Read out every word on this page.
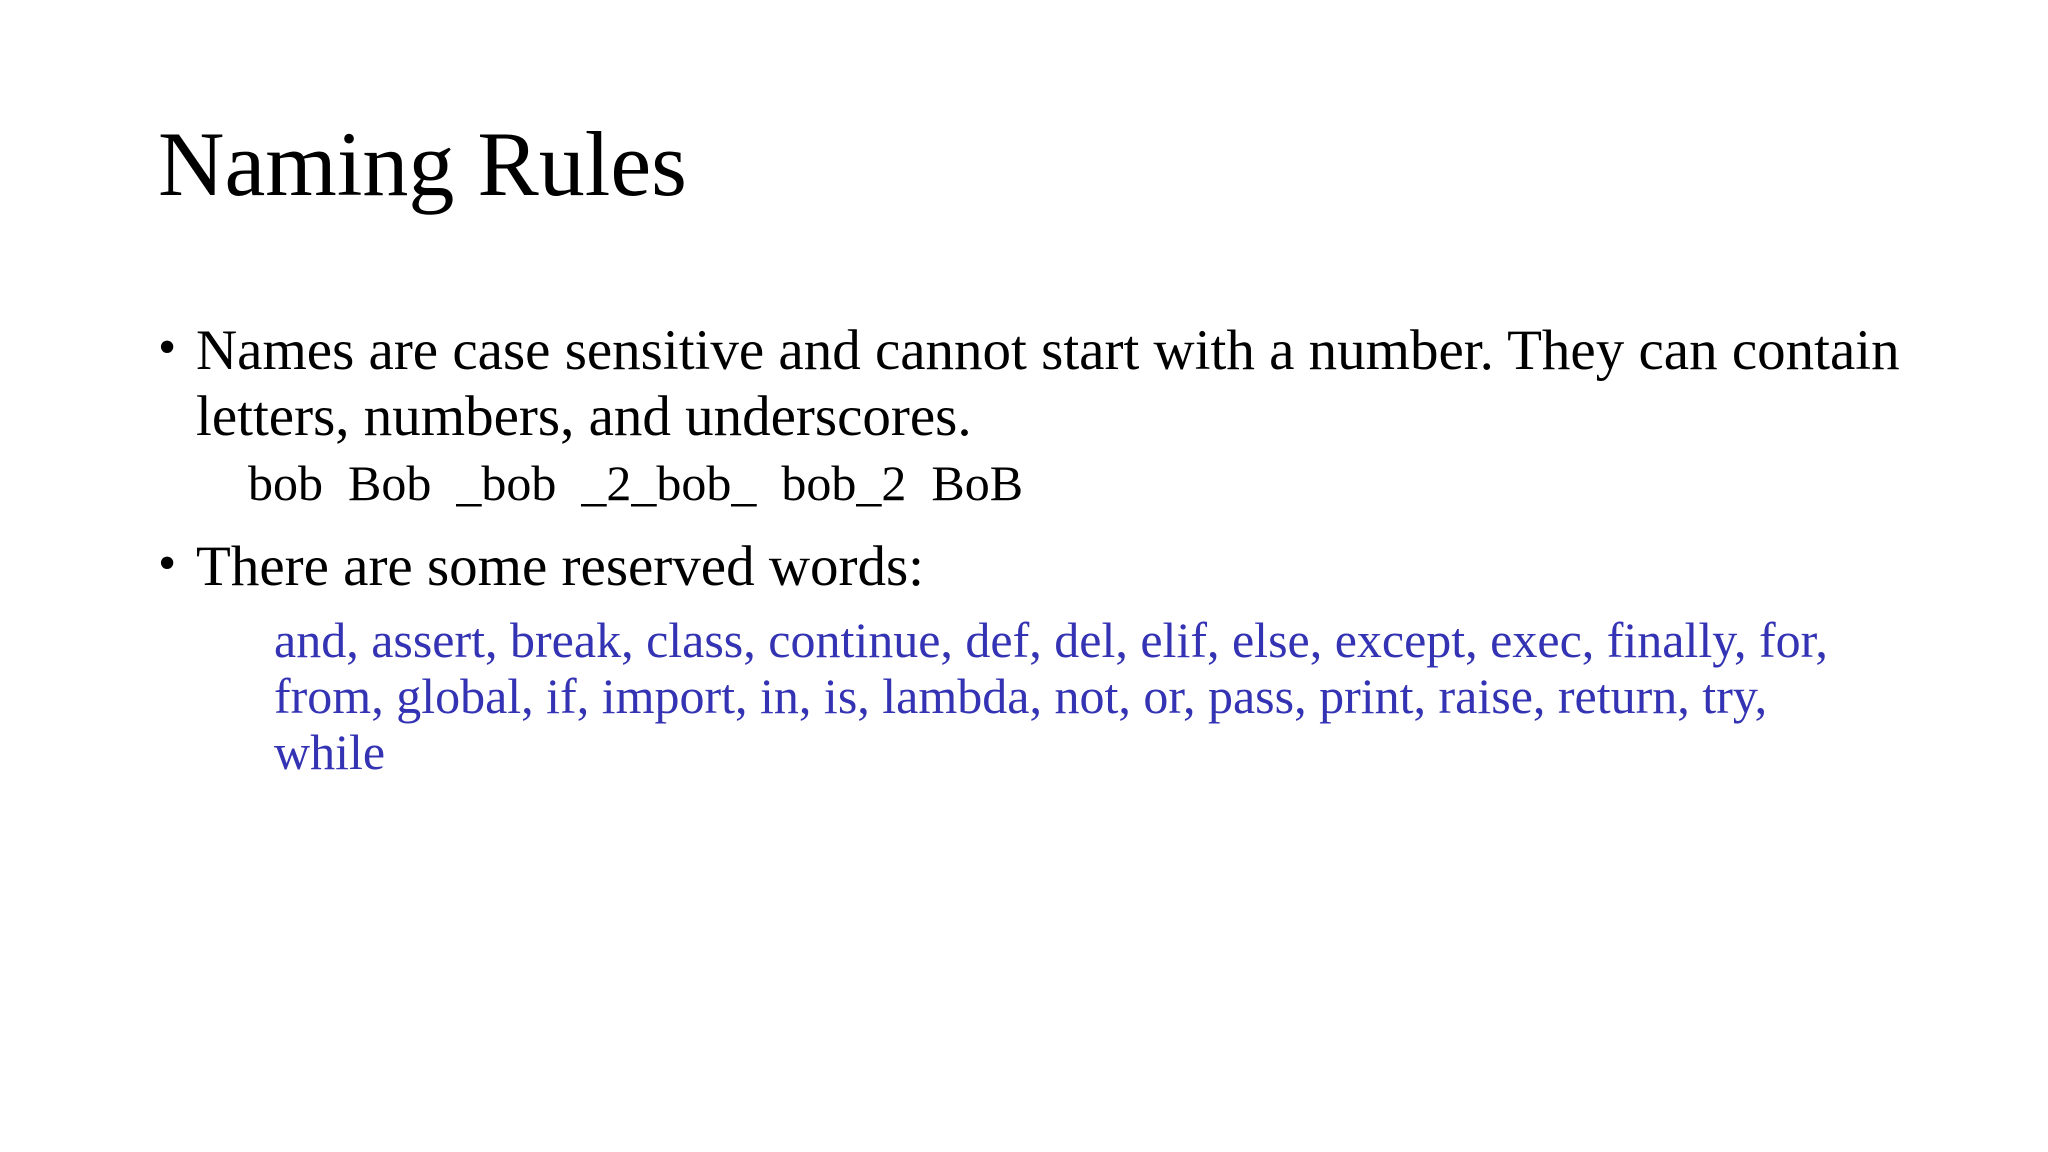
Naming Rules
• Names are case sensitive and cannot start with a number. They can contain letters, numbers, and underscores.
bob  Bob  _bob  _2_bob_  bob_2  BoB
• There are some reserved words:
and, assert, break, class, continue, def, del, elif, else, except, exec, finally, for,
from, global, if, import, in, is, lambda, not, or, pass, print, raise, return, try,
while
